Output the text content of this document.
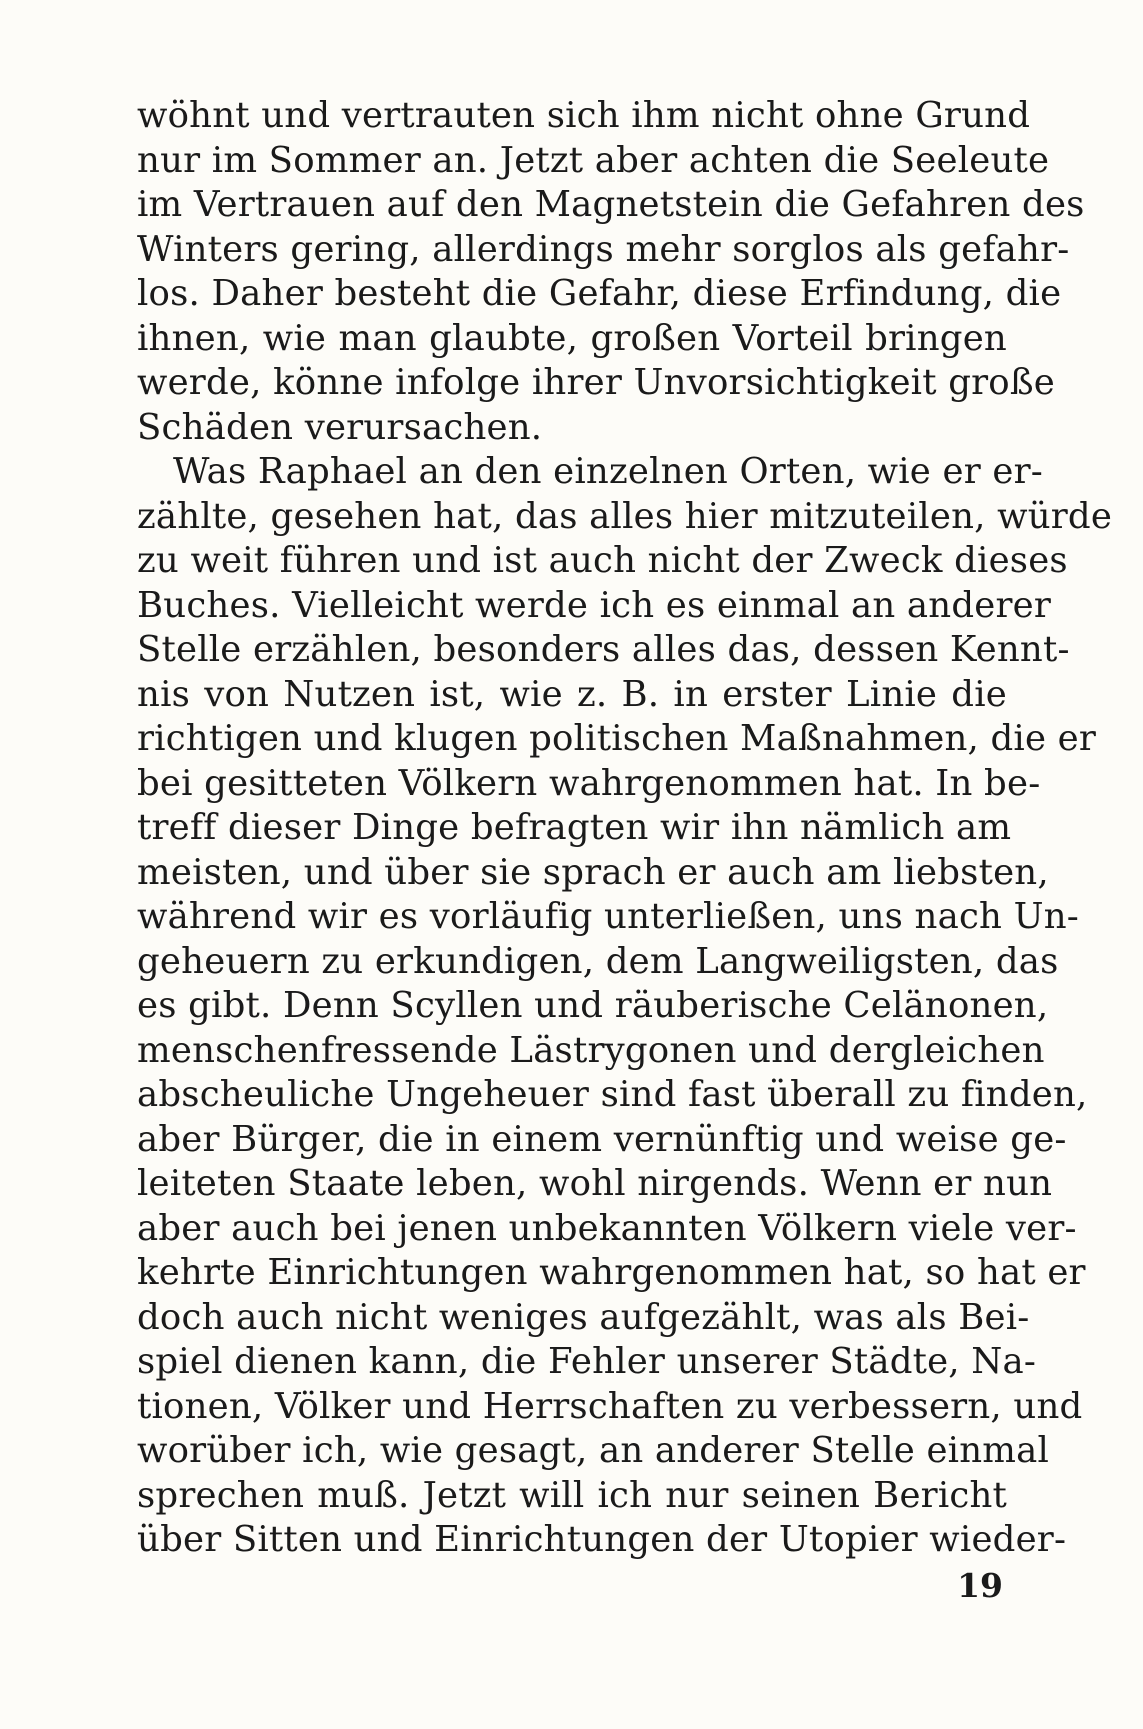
wöhnt und vertrauten sich ihm nicht ohne Grund
nur im Sommer an. Jetzt aber achten die Seeleute
im Vertrauen auf den Magnetstein die Gefahren des
Winters gering, allerdings mehr sorglos als gefahr-
los. Daher besteht die Gefahr, diese Erfindung, die
ihnen, wie man glaubte, großen Vorteil bringen
werde, könne infolge ihrer Unvorsichtigkeit große
Schäden verursachen.
Was Raphael an den einzelnen Orten, wie er er-
zählte, gesehen hat, das alles hier mitzuteilen, würde
zu weit führen und ist auch nicht der Zweck dieses
Buches. Vielleicht werde ich es einmal an anderer
Stelle erzählen, besonders alles das, dessen Kennt-
nis von Nutzen ist, wie z. B. in erster Linie die
richtigen und klugen politischen Maßnahmen, die er
bei gesitteten Völkern wahrgenommen hat. In be-
treff dieser Dinge befragten wir ihn nämlich am
meisten, und über sie sprach er auch am liebsten,
während wir es vorläufig unterließen, uns nach Un-
geheuern zu erkundigen, dem Langweiligsten, das
es gibt. Denn Scyllen und räuberische Celänonen,
menschenfressende Lästrygonen und dergleichen
abscheuliche Ungeheuer sind fast überall zu finden,
aber Bürger, die in einem vernünftig und weise ge-
leiteten Staate leben, wohl nirgends. Wenn er nun
aber auch bei jenen unbekannten Völkern viele ver-
kehrte Einrichtungen wahrgenommen hat, so hat er
doch auch nicht weniges aufgezählt, was als Bei-
spiel dienen kann, die Fehler unserer Städte, Na-
tionen, Völker und Herrschaften zu verbessern, und
worüber ich, wie gesagt, an anderer Stelle einmal
sprechen muß. Jetzt will ich nur seinen Bericht
über Sitten und Einrichtungen der Utopier wieder-
19
